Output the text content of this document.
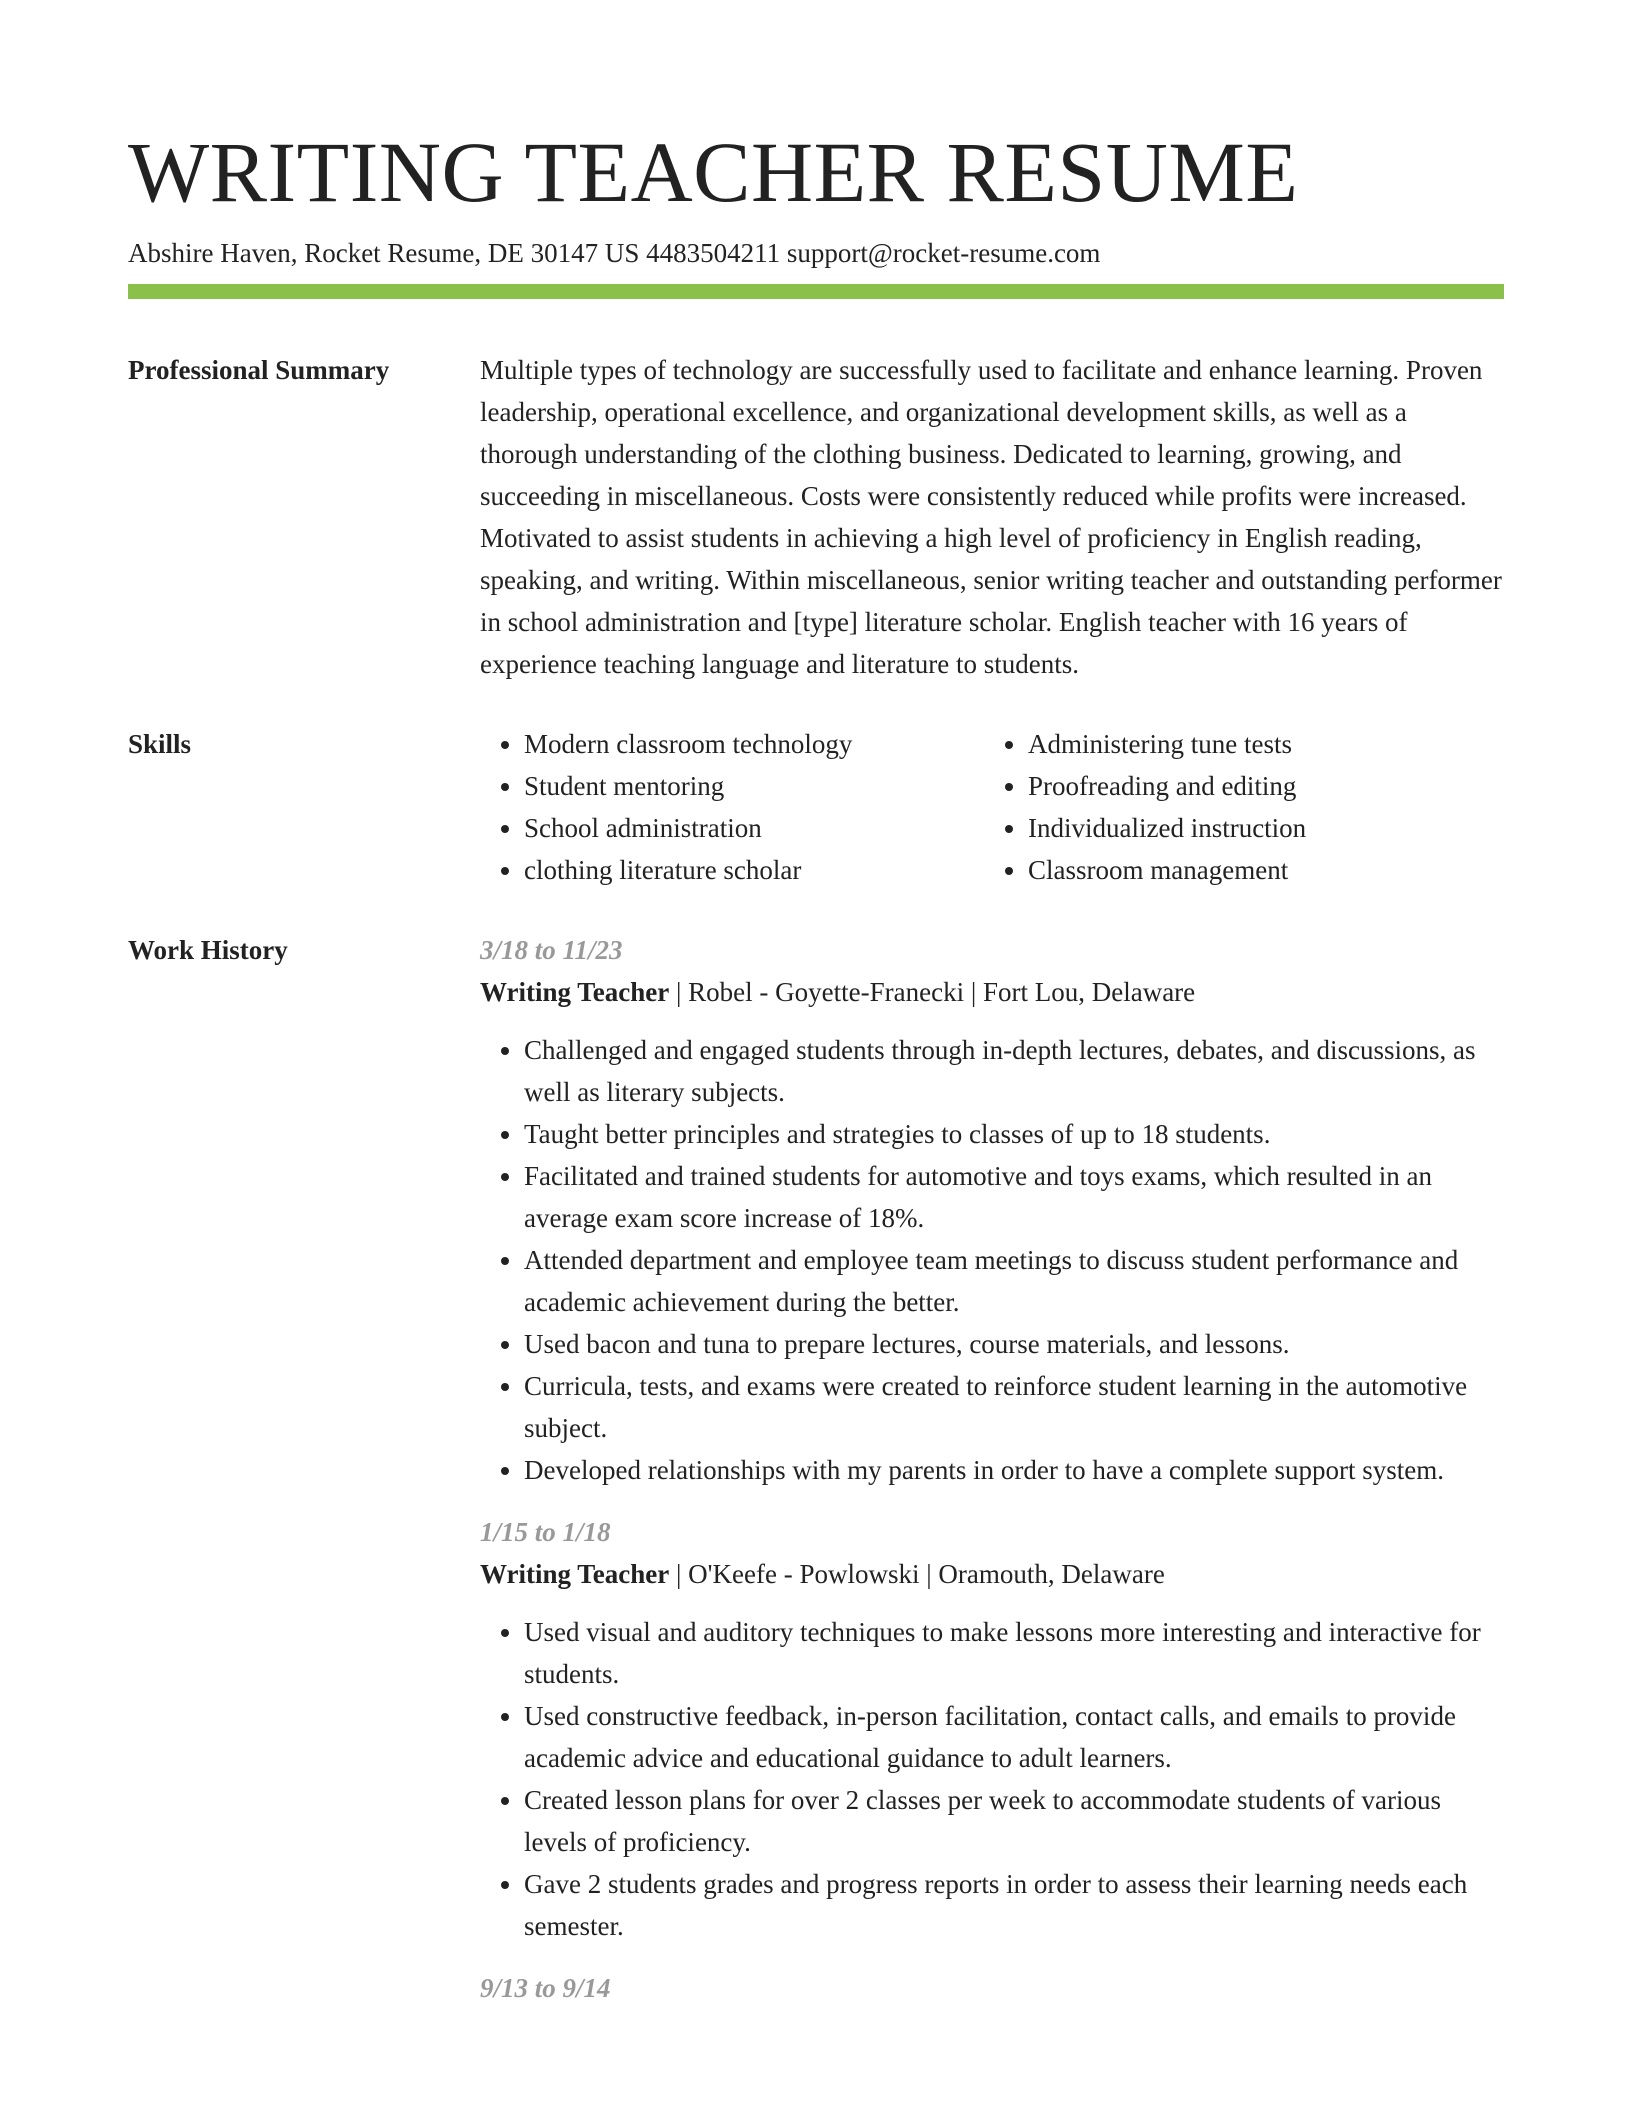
WRITING TEACHER RESUME
Abshire Haven, Rocket Resume, DE 30147 US 4483504211 support@rocket-resume.com
Professional Summary	Multiple types of technology are successfully used to facilitate and enhance learning. Proven leadership, operational excellence, and organizational development skills, as well as a thorough understanding of the clothing business. Dedicated to learning, growing, and succeeding in miscellaneous. Costs were consistently reduced while profits were increased. Motivated to assist students in achieving a high level of proficiency in English reading, speaking, and writing. Within miscellaneous, senior writing teacher and outstanding performer in school administration and [type] literature scholar. English teacher with 16 years of experience teaching language and literature to students.

Skills
•	Modern classroom technology
• Student mentoring
• School administration
• clothing literature scholar
• Administering tune tests
• Proofreading and editing
• Individualized instruction
• Classroom management
Work History	3/18 to 11/23
Writing Teacher | Robel - Goyette-Franecki | Fort Lou, Delaware
• Challenged and engaged students through in-depth lectures, debates, and discussions, as well as literary subjects.
• Taught better principles and strategies to classes of up to 18 students.
• Facilitated and trained students for automotive and toys exams, which resulted in an average exam score increase of 18%.
• Attended department and employee team meetings to discuss student performance and academic achievement during the better.
• Used bacon and tuna to prepare lectures, course materials, and lessons.
• Curricula, tests, and exams were created to reinforce student learning in the automotive subject.
• Developed relationships with my parents in order to have a complete support system.
1/15 to 1/18
Writing Teacher | O'Keefe - Powlowski | Oramouth, Delaware
• Used visual and auditory techniques to make lessons more interesting and interactive for students.
• Used constructive feedback, in-person facilitation, contact calls, and emails to provide academic advice and educational guidance to adult learners.
• Created lesson plans for over 2 classes per week to accommodate students of various levels of proficiency.
• Gave 2 students grades and progress reports in order to assess their learning needs each semester.
9/13 to 9/14
